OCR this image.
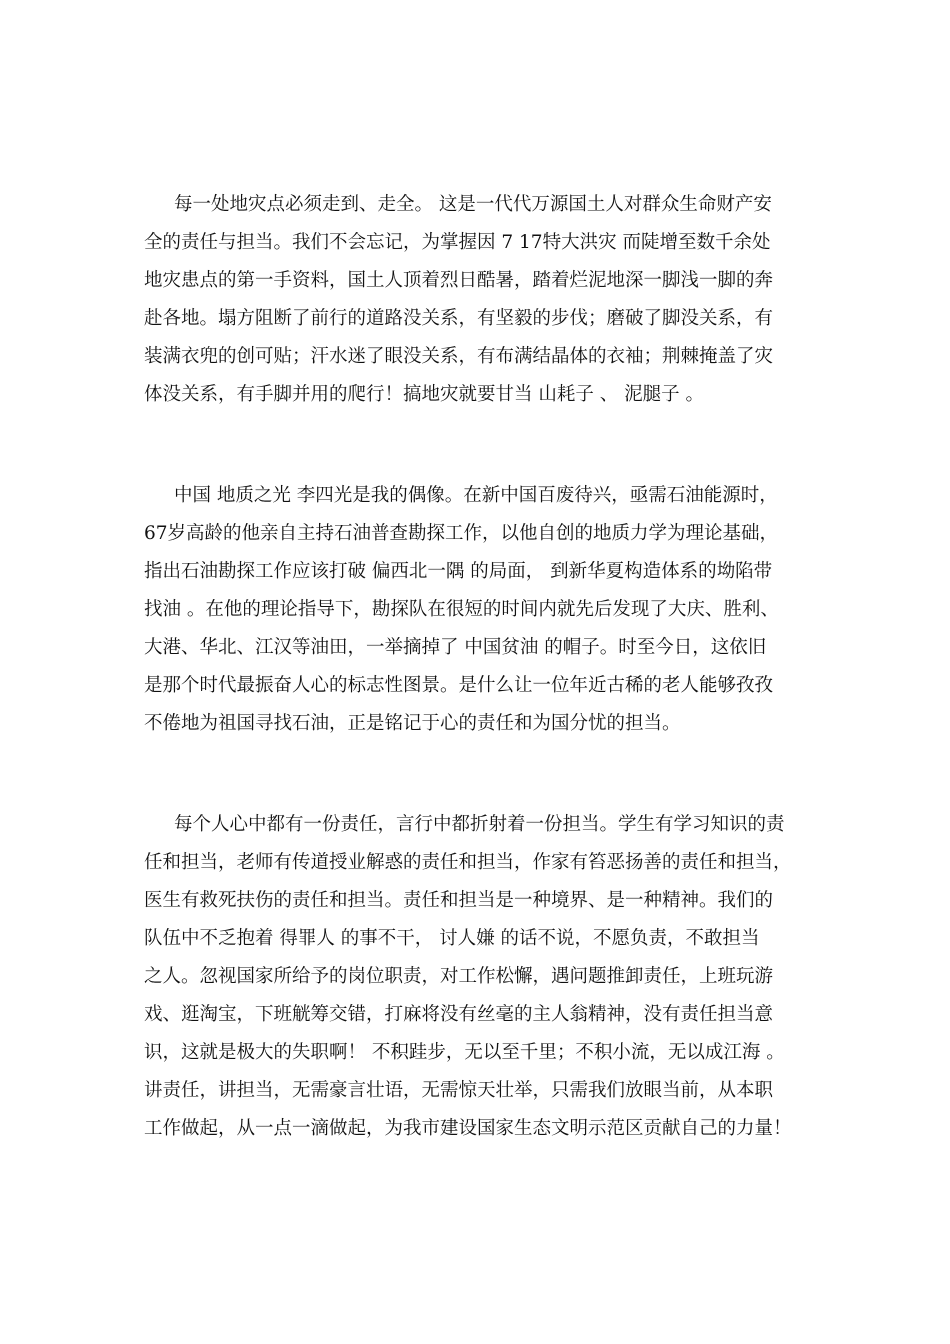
每一处地灾点必须走到、走全。 这是一代代万源国土人对群众生命财产安
全的责任与担当。我们不会忘记，为掌握因 7 17特大洪灾 而陡增至数千余处
地灾患点的第一手资料，国土人顶着烈日酷暑，踏着烂泥地深一脚浅一脚的奔
赴各地。塌方阻断了前行的道路没关系，有坚毅的步伐；磨破了脚没关系，有
装满衣兜的创可贴；汗水迷了眼没关系，有布满结晶体的衣袖；荆棘掩盖了灾
体没关系，有手脚并用的爬行！搞地灾就要甘当 山耗子 、 泥腿子 。
中国 地质之光 李四光是我的偶像。在新中国百废待兴，亟需石油能源时，
67岁高龄的他亲自主持石油普查勘探工作，以他自创的地质力学为理论基础，
指出石油勘探工作应该打破 偏西北一隅 的局面， 到新华夏构造体系的坳陷带
找油 。在他的理论指导下，勘探队在很短的时间内就先后发现了大庆、胜利、
大港、华北、江汉等油田，一举摘掉了 中国贫油 的帽子。时至今日，这依旧
是那个时代最振奋人心的标志性图景。是什么让一位年近古稀的老人能够孜孜
不倦地为祖国寻找石油，正是铭记于心的责任和为国分忧的担当。
每个人心中都有一份责任，言行中都折射着一份担当。学生有学习知识的责
任和担当，老师有传道授业解惑的责任和担当，作家有笞恶扬善的责任和担当，
医生有救死扶伤的责任和担当。责任和担当是一种境界、是一种精神。我们的
队伍中不乏抱着 得罪人 的事不干， 讨人嫌 的话不说，不愿负责，不敢担当
之人。忽视国家所给予的岗位职责，对工作松懈，遇问题推卸责任，上班玩游
戏、逛淘宝，下班觥筹交错，打麻将没有丝毫的主人翁精神，没有责任担当意
识，这就是极大的失职啊！ 不积跬步，无以至千里；不积小流，无以成江海 。
讲责任，讲担当，无需豪言壮语，无需惊天壮举，只需我们放眼当前，从本职
工作做起，从一点一滴做起，为我市建设国家生态文明示范区贡献自己的力量！
